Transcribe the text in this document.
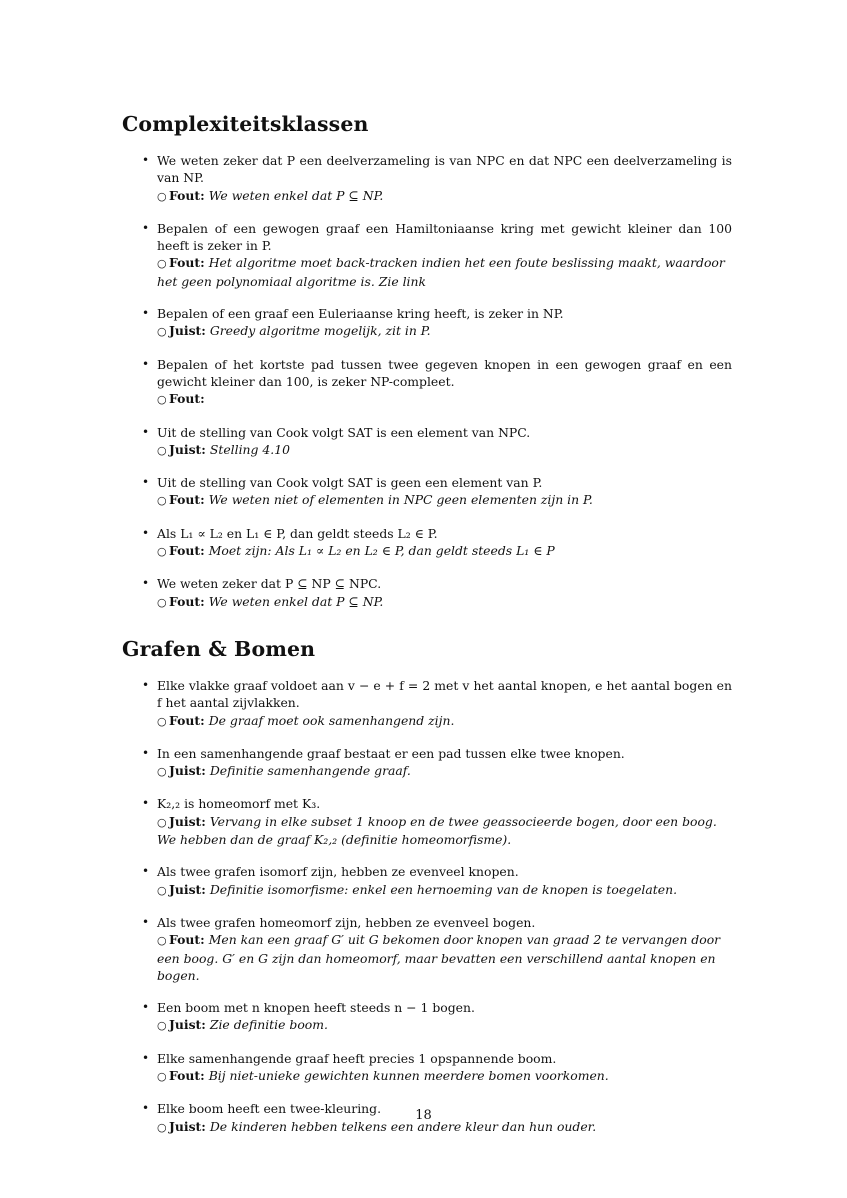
Complexiteitsklassen
• We weten zeker dat P een deelverzameling is van NPC en dat NPC een deelverzameling is van NP.
○ Fout: We weten enkel dat P ⊆ NP.
• Bepalen of een gewogen graaf een Hamiltoniaanse kring met gewicht kleiner dan 100 heeft is zeker in P.
○ Fout: Het algoritme moet back-tracken indien het een foute beslissing maakt, waardoor het geen polynomiaal algoritme is. Zie link
• Bepalen of een graaf een Euleriaanse kring heeft, is zeker in NP.
○ Juist: Greedy algoritme mogelijk, zit in P.
• Bepalen of het kortste pad tussen twee gegeven knopen in een gewogen graaf en een gewicht kleiner dan 100, is zeker NP-compleet.
○ Fout:
• Uit de stelling van Cook volgt SAT is een element van NPC.
○ Juist: Stelling 4.10
• Uit de stelling van Cook volgt SAT is geen een element van P.
○ Fout: We weten niet of elementen in NPC geen elementen zijn in P.
• Als L₁ ∝ L₂ en L₁ ∈ P, dan geldt steeds L₂ ∈ P.
○ Fout: Moet zijn: Als L₁ ∝ L₂ en L₂ ∈ P, dan geldt steeds L₁ ∈ P
• We weten zeker dat P ⊆ NP ⊆ NPC.
○ Fout: We weten enkel dat P ⊆ NP.
Grafen & Bomen
• Elke vlakke graaf voldoet aan v − e + f = 2 met v het aantal knopen, e het aantal bogen en f het aantal zijvlakken.
○ Fout: De graaf moet ook samenhangend zijn.
• In een samenhangende graaf bestaat er een pad tussen elke twee knopen.
○ Juist: Definitie samenhangende graaf.
• K₂,₂ is homeomorf met K₃.
○ Juist: Vervang in elke subset 1 knoop en de twee geassocieerde bogen, door een boog. We hebben dan de graaf K₂,₂ (definitie homeomorfisme).
• Als twee grafen isomorf zijn, hebben ze evenveel knopen.
○ Juist: Definitie isomorfisme: enkel een hernoeming van de knopen is toegelaten.
• Als twee grafen homeomorf zijn, hebben ze evenveel bogen.
○ Fout: Men kan een graaf G′ uit G bekomen door knopen van graad 2 te vervangen door een boog. G′ en G zijn dan homeomorf, maar bevatten een verschillend aantal knopen en bogen.
• Een boom met n knopen heeft steeds n − 1 bogen.
○ Juist: Zie definitie boom.
• Elke samenhangende graaf heeft precies 1 opspannende boom.
○ Fout: Bij niet-unieke gewichten kunnen meerdere bomen voorkomen.
• Elke boom heeft een twee-kleuring.
○ Juist: De kinderen hebben telkens een andere kleur dan hun ouder.
18
